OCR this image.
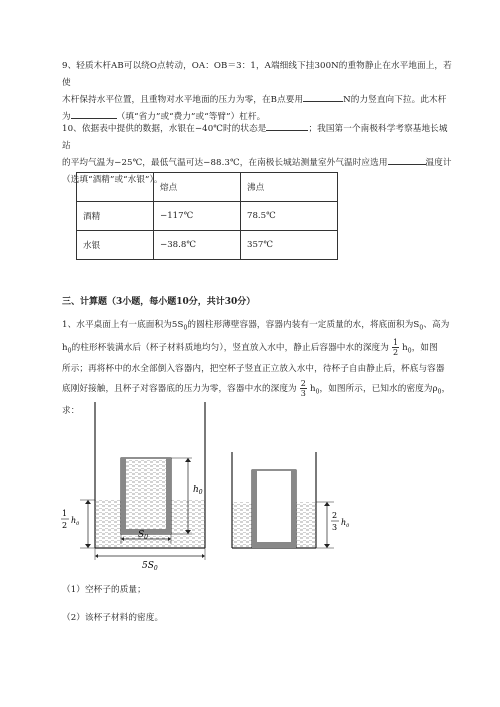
9、轻质木杆AB可以绕O点转动，OA：OB＝3：1，A端细线下挂300N的重物静止在水平地面上，若使
木杆保持水平位置，且重物对水平地面的压力为零，在B点要用	N的力竖直向下拉。此木杆
为	（填“省力”或“费力”或“等臂”）杠杆。
10、依据表中提供的数据，水银在−40℃时的状态是	；我国第一个南极科学考察基地长城站
的平均气温为−25℃，最低气温可达−88.3℃，在南极长城站测量室外气温时应选用	温度计
（选填“酒精”或“水银”）。
	熔点	沸点
酒精	−117℃	78.5℃
水银	−38.8℃	357℃
三、计算题（3小题，每小题10分，共计30分）
1、水平桌面上有一底面积为$5S_0$的圆柱形薄壁容器，容器内装有一定质量的水，将底面积为$S_0$、高为
$h_0$的柱形杯装满水后（杯子材料质地均匀），竖直放入水中，静止后容器中水的深度为 $\frac{1}{2} h_0$，如图
所示；再将杯中的水全部倒入容器内，把空杯子竖直正立放入水中，待杯子自由静止后，杯底与容器
底刚好接触，且杯子对容器底的压力为零，容器中水的深度为 $\frac{2}{3} h_0$，如图所示，已知水的密度为$\rho_0$，
求：
$h_0$
1
2
$h_0$
$S_0$
$5S_0$
2
3
$h_0$
（1）空杯子的质量；
（2）该杯子材料的密度。
